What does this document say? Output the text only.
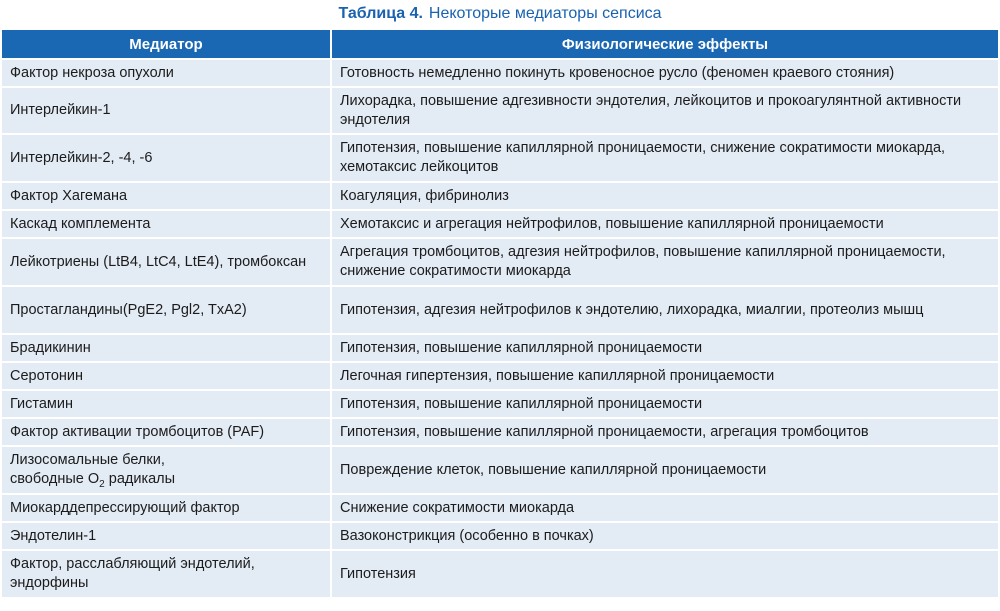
Таблица 4. Некоторые медиаторы сепсиса
Медиатор	Физиологические эффекты
Фактор некроза опухоли	Готовность немедленно покинуть кровеносное русло (феномен краевого стояния)
Интерлейкин-1	Лихорадка, повышение адгезивности эндотелия, лейкоцитов и прокоагулянтной активности эндотелия
Интерлейкин-2, -4, -6	Гипотензия, повышение капиллярной проницаемости, снижение сократимости миокарда, хемотаксис лейкоцитов
Фактор Хагемана	Коагуляция, фибринолиз
Каскад комплемента	Хемотаксис и агрегация нейтрофилов, повышение капиллярной проницаемости
Лейкотриены (LtB4, LtC4, LtE4), тромбоксан	Агрегация тромбоцитов, адгезия нейтрофилов, повышение капиллярной проницаемости, снижение сократимости миокарда
Простагландины(PgE2, Pgl2, TxA2)	Гипотензия, адгезия нейтрофилов к эндотелию, лихорадка, миалгии, протеолиз мышц
Брадикинин	Гипотензия, повышение капиллярной проницаемости
Серотонин	Легочная гипертензия, повышение капиллярной проницаемости
Гистамин	Гипотензия, повышение капиллярной проницаемости
Фактор активации тромбоцитов (PAF)	Гипотензия, повышение капиллярной проницаемости, агрегация тромбоцитов
Лизосомальные белки,
свободные $O_2$ радикалы	Повреждение клеток, повышение капиллярной проницаемости
Миокарддепрессирующий фактор	Снижение сократимости миокарда
Эндотелин-1	Вазоконстрикция (особенно в почках)
Фактор, расслабляющий эндотелий, эндорфины	Гипотензия
